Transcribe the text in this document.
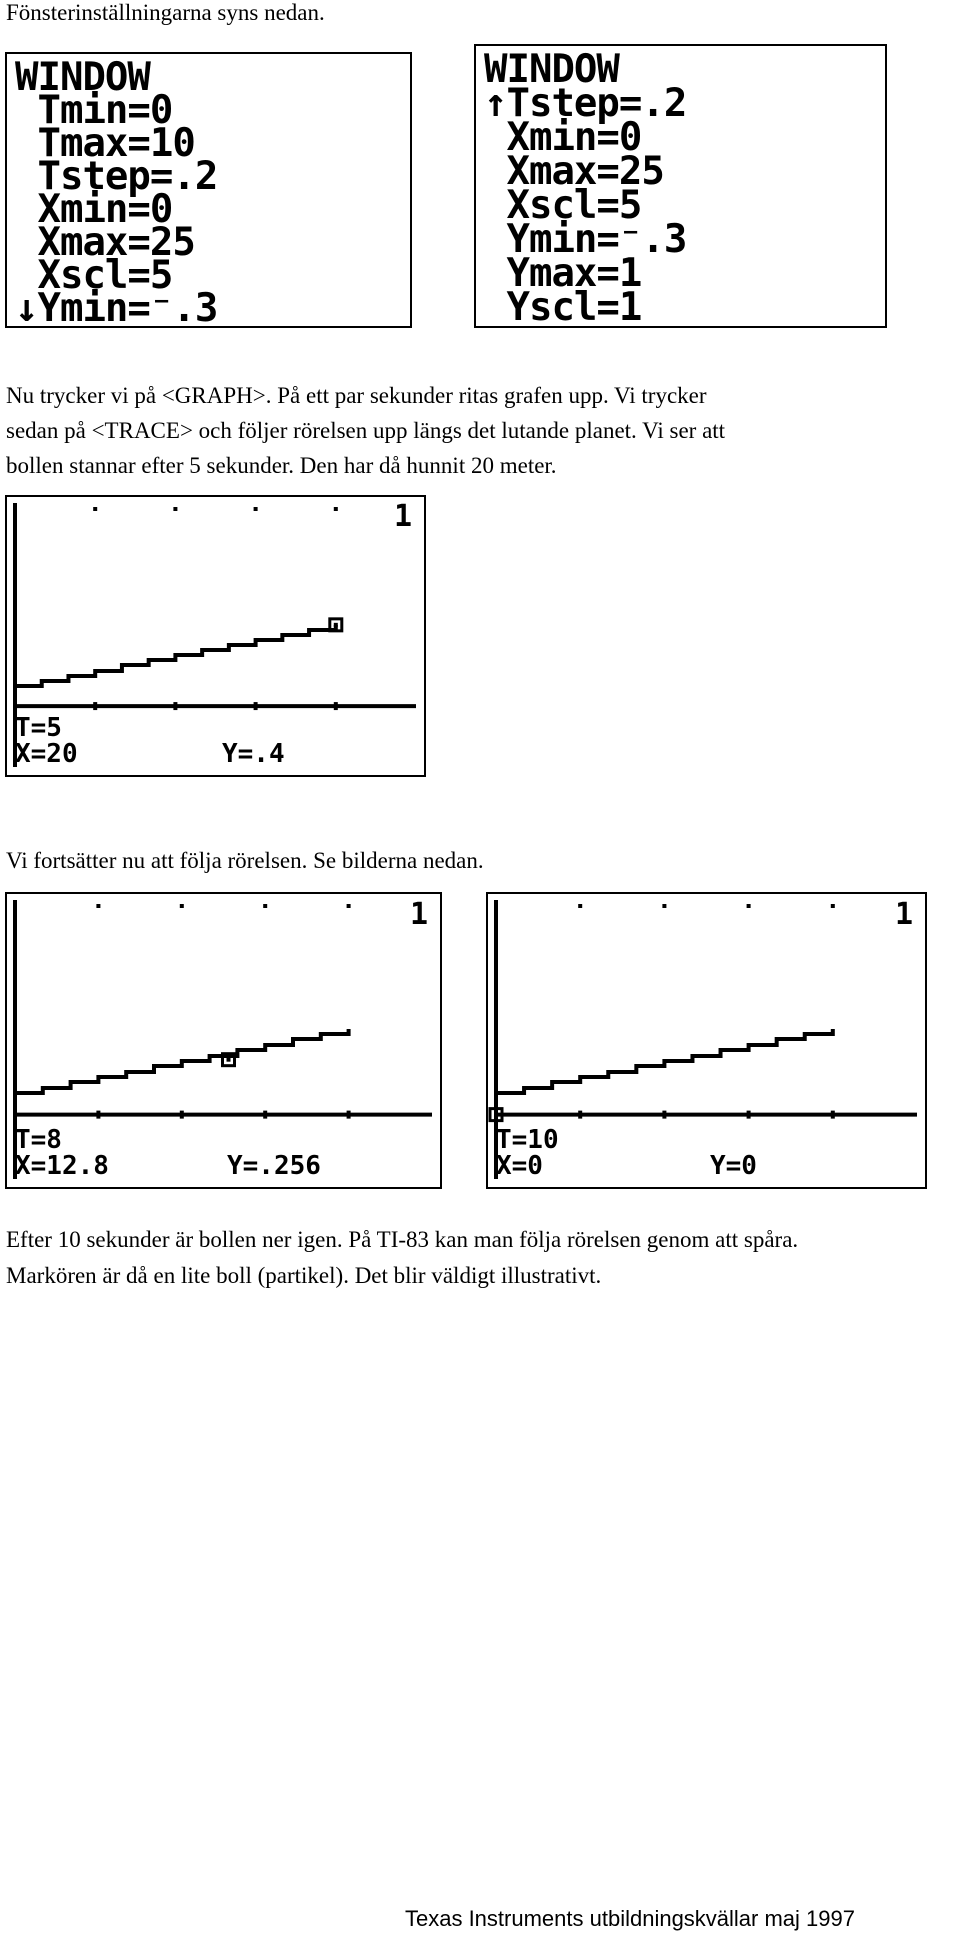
Fönsterinställningarna syns nedan.

WINDOW
Tmin=0
Tmax=10
Tstep=.2
Xmin=0
Xmax=25
Xscl=5
↓Ymin=⁻.3
WINDOW
↑Tstep=.2
Xmin=0
Xmax=25
Xscl=5
Ymin=⁻.3
Ymax=1
Yscl=1

Nu trycker vi på <GRAPH>. På ett par sekunder ritas grafen upp. Vi trycker

sedan på <TRACE> och följer rörelsen upp längs det lutande planet. Vi ser att

bollen stannar efter 5 sekunder. Den har då hunnit 20 meter.

1
T=5
X=20	Y=.4

Vi fortsätter nu att följa rörelsen. Se bilderna nedan.

1
T=8
X=12.8	Y=.256
1
T=10
X=0	Y=0

Efter 10 sekunder är bollen ner igen. På TI-83 kan man följa rörelsen genom att spåra.

Markören är då en lite boll (partikel). Det blir väldigt illustrativt.

Texas Instruments utbildningskvällar maj 1997
